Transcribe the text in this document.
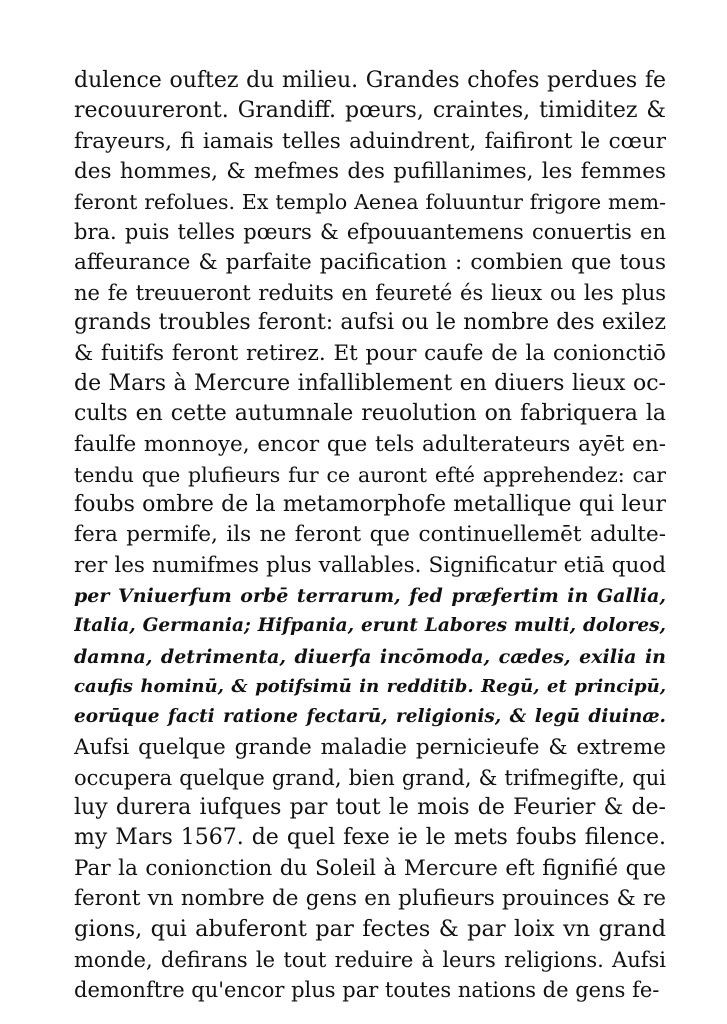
dulence ouftez du milieu. Grandes chofes perdues fe
recouureront. Grandiff. pœurs, craintes, timiditez &
frayeurs, fi iamais telles aduindrent, faifiront le cœur
des hommes, & mefmes des pufillanimes, les femmes
feront refolues. Ex templo Aenea foluuntur frigore mem-
bra. puis telles pœurs & efpouuantemens conuertis en
affeurance & parfaite pacification : combien que tous
ne fe treuueront reduits en feureté és lieux ou les plus
grands troubles feront: aufsi ou le nombre des exilez
& fuitifs feront retirez. Et pour caufe de la conionctiō
de Mars à Mercure infalliblement en diuers lieux oc-
cults en cette autumnale reuolution on fabriquera la
faulfe monnoye, encor que tels adulterateurs ayēt en-
tendu que plufieurs fur ce auront efté apprehendez: car
foubs ombre de la metamorphofe metallique qui leur
fera permife, ils ne feront que continuellemēt adulte-
rer les numifmes plus vallables. Significatur etiā quod
per Vniuerfum orbē terrarum, fed præfertim in Gallia,
Italia, Germania; Hifpania, erunt Labores multi, dolores,
damna, detrimenta, diuerfa incōmoda, cædes, exilia in
caufis hominū, & potifsimū in redditib. Regū, et principū,
eorūque facti ratione fectarū, religionis, & legū diuinæ.
Aufsi quelque grande maladie pernicieufe & extreme
occupera quelque grand, bien grand, & trifmegifte, qui
luy durera iufques par tout le mois de Feurier & de-
my Mars 1567. de quel fexe ie le mets foubs filence.
Par la conionction du Soleil à Mercure eft fignifié que
feront vn nombre de gens en plufieurs prouinces & re
gions, qui abuferont par fectes & par loix vn grand
monde, defirans le tout reduire à leurs religions. Aufsi
demonftre qu'encor plus par toutes nations de gens fe-
